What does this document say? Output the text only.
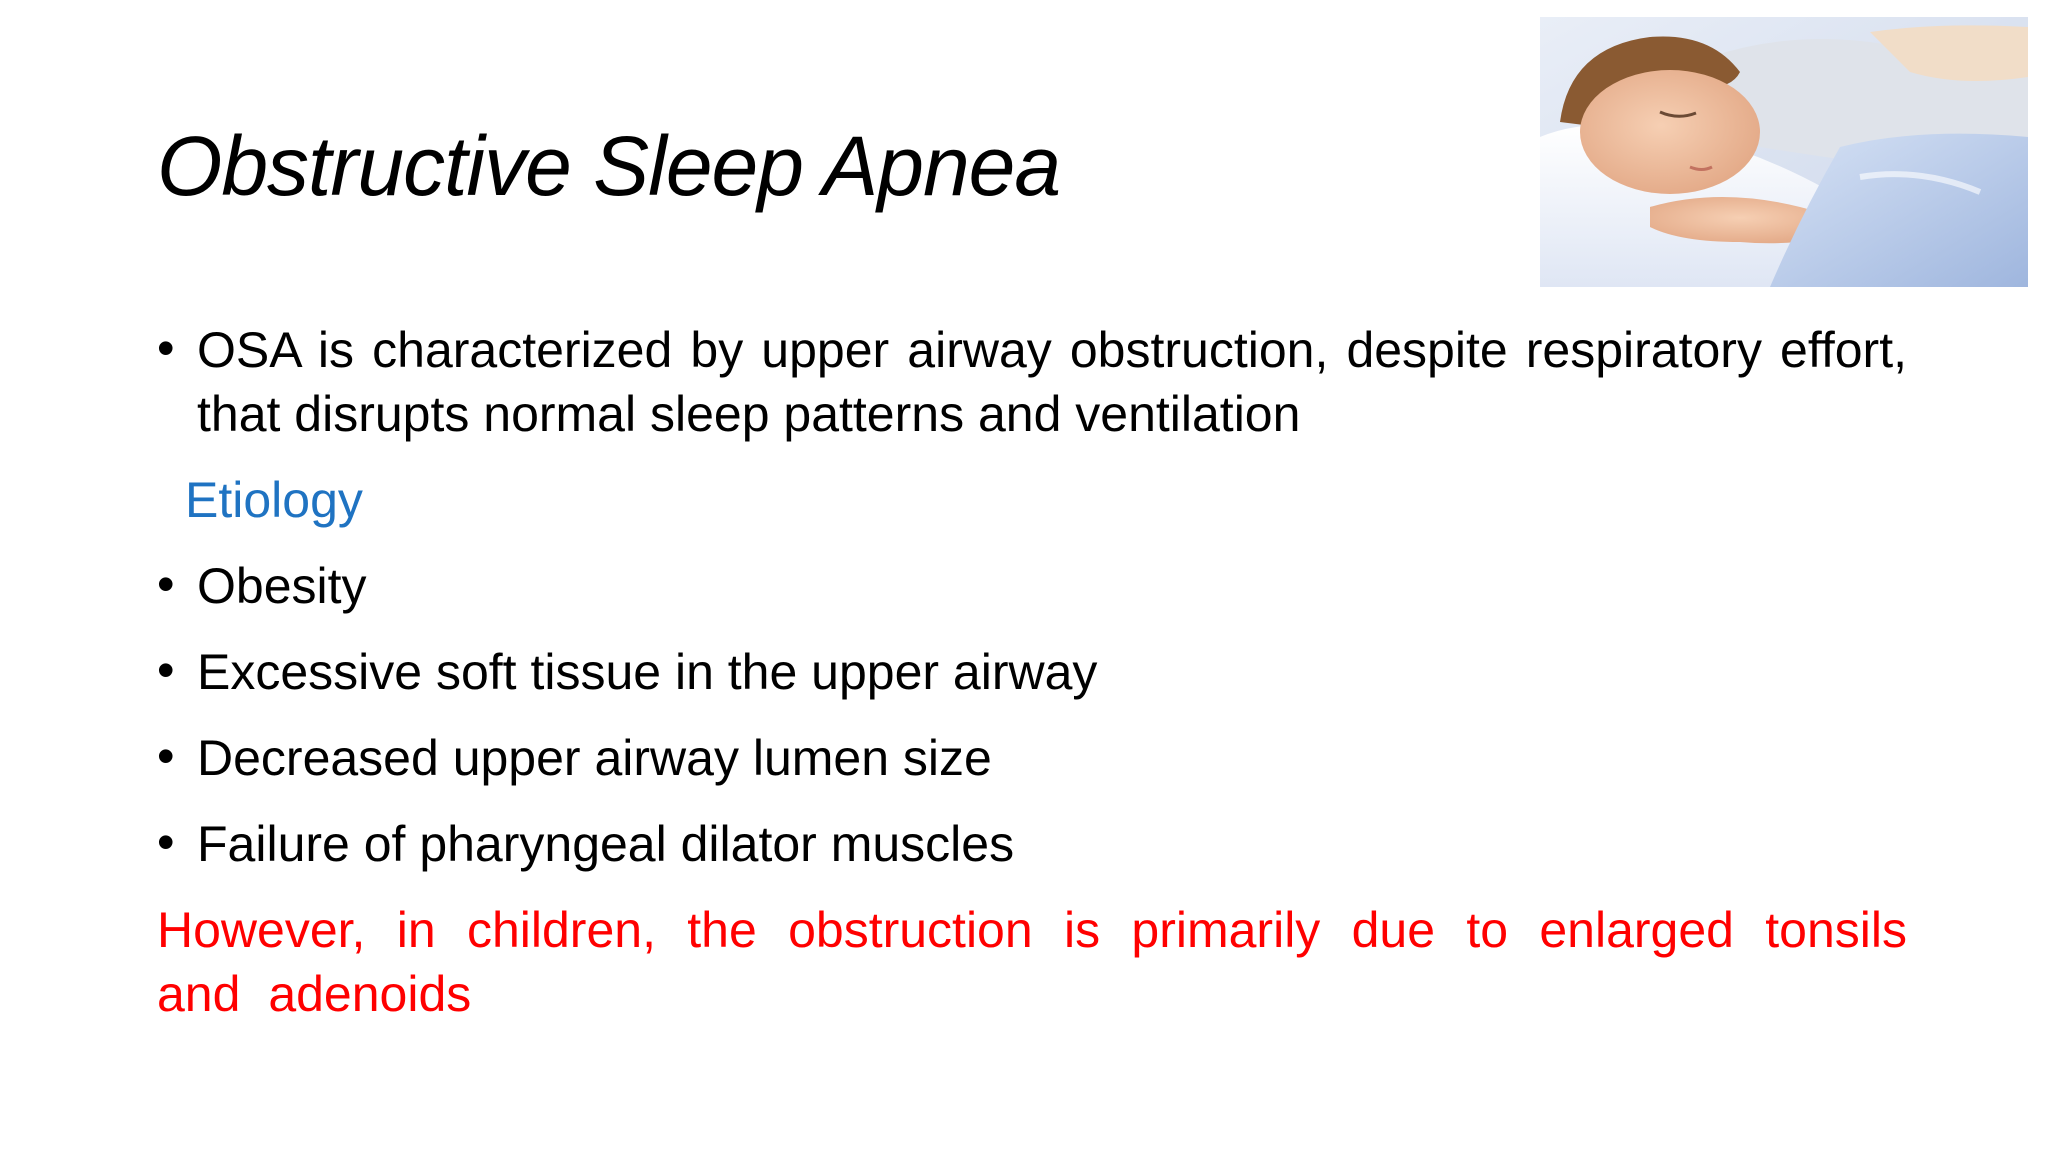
Obstructive Sleep Apnea
• OSA is characterized by upper airway obstruction, despite respiratory effort, that disrupts normal sleep patterns and ventilation
Etiology
• Obesity
• Excessive soft tissue in the upper airway
• Decreased upper airway lumen size
• Failure of pharyngeal dilator muscles
However, in children, the obstruction is primarily due to enlarged tonsils and adenoids
